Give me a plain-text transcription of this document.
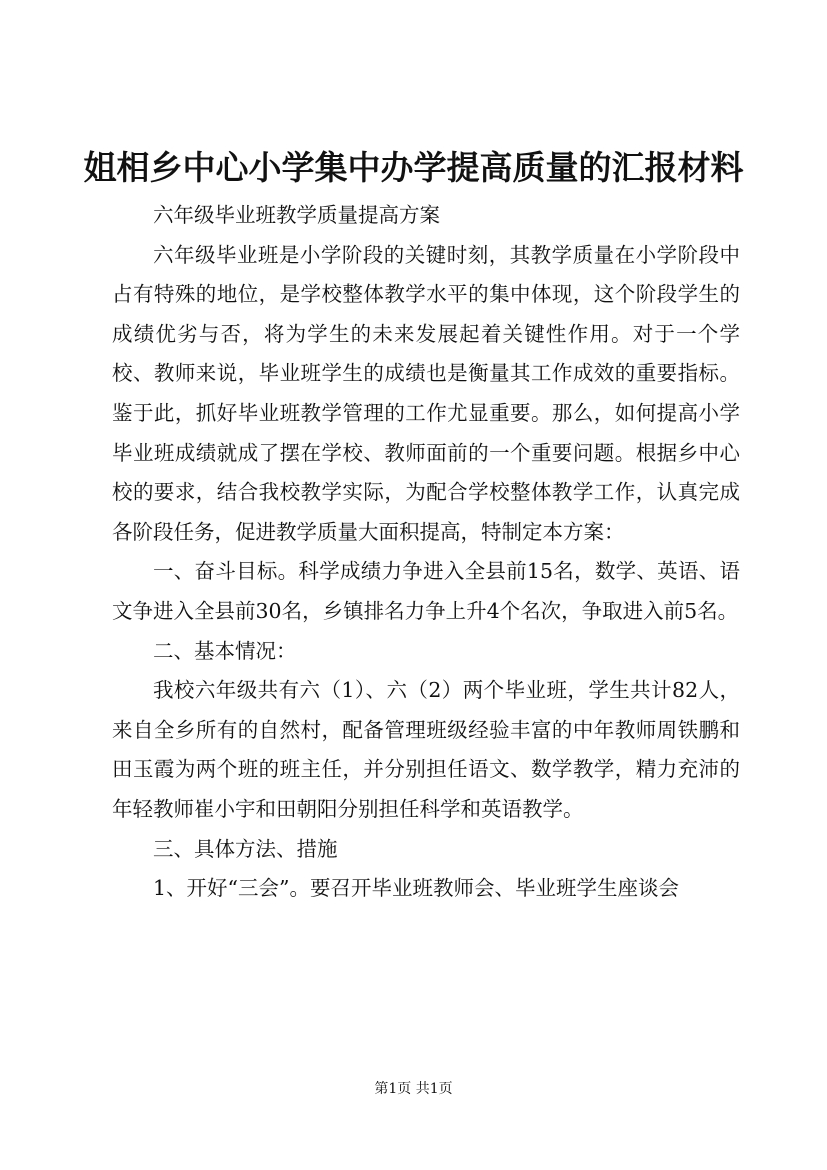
姐相乡中心小学集中办学提高质量的汇报材料

六年级毕业班教学质量提高方案

六年级毕业班是小学阶段的关键时刻，其教学质量在小学阶段中占有特殊的地位，是学校整体教学水平的集中体现，这个阶段学生的成绩优劣与否，将为学生的未来发展起着关键性作用。对于一个学校、教师来说，毕业班学生的成绩也是衡量其工作成效的重要指标。鉴于此，抓好毕业班教学管理的工作尤显重要。那么，如何提高小学毕业班成绩就成了摆在学校、教师面前的一个重要问题。根据乡中心校的要求，结合我校教学实际，为配合学校整体教学工作，认真完成各阶段任务，促进教学质量大面积提高，特制定本方案：

一、奋斗目标。科学成绩力争进入全县前15名，数学、英语、语文争进入全县前30名，乡镇排名力争上升4个名次，争取进入前5名。

二、基本情况：

我校六年级共有六（1）、六（2）两个毕业班，学生共计82人，来自全乡所有的自然村，配备管理班级经验丰富的中年教师周铁鹏和田玉霞为两个班的班主任，并分别担任语文、数学教学，精力充沛的年轻教师崔小宇和田朝阳分别担任科学和英语教学。

三、具体方法、措施

1、开好“三会”。要召开毕业班教师会、毕业班学生座谈会

第1页 共1页
